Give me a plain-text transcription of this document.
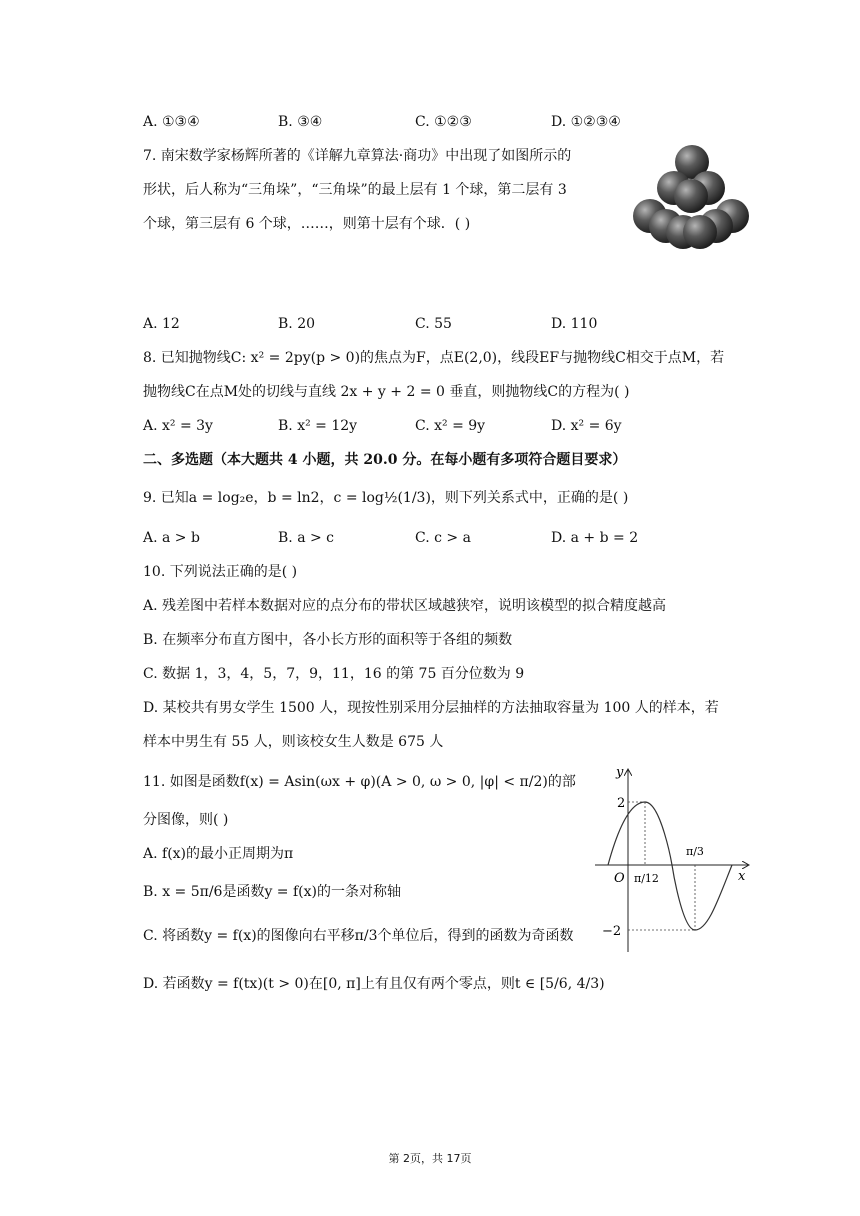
A. ①③④	B. ③④	C. ①②③	D. ①②③④
7. 南宋数学家杨辉所著的《详解九章算法·商功》中出现了如图所示的
形状，后人称为“三角垛”，“三角垛”的最上层有 1 个球，第二层有 3
个球，第三层有 6 个球，……，则第十层有个球．( )
A. 12	B. 20	C. 55	D. 110
8. 已知抛物线C: x² = 2py(p > 0)的焦点为F，点E(2,0)，线段EF与抛物线C相交于点M，若
抛物线C在点M处的切线与直线 2x + y + 2 = 0 垂直，则抛物线C的方程为( )
A. x² = 3y	B. x² = 12y	C. x² = 9y	D. x² = 6y
二、多选题（本大题共 4 小题，共 20.0 分。在每小题有多项符合题目要求）
9. 已知a = log₂e，b = ln2，c = log½(1/3)，则下列关系式中，正确的是( )
A. a > b	B. a > c	C. c > a	D. a + b = 2
10. 下列说法正确的是( )
A. 残差图中若样本数据对应的点分布的带状区域越狭窄，说明该模型的拟合精度越高
B. 在频率分布直方图中，各小长方形的面积等于各组的频数
C. 数据 1，3，4，5，7，9，11，16 的第 75 百分位数为 9
D. 某校共有男女学生 1500 人，现按性别采用分层抽样的方法抽取容量为 100 人的样本，若
样本中男生有 55 人，则该校女生人数是 675 人
11. 如图是函数f(x) = Asin(ωx + φ)(A > 0, ω > 0, |φ| < π/2)的部
分图像，则( )
A. f(x)的最小正周期为π
B. x = 5π/6是函数y = f(x)的一条对称轴
C. 将函数y = f(x)的图像向右平移π/3个单位后，得到的函数为奇函数
D. 若函数y = f(tx)(t > 0)在[0, π]上有且仅有两个零点，则t ∈ [5/6, 4/3)
y
x
O
2
−2
π/12
π/3
第 2页，共 17页
